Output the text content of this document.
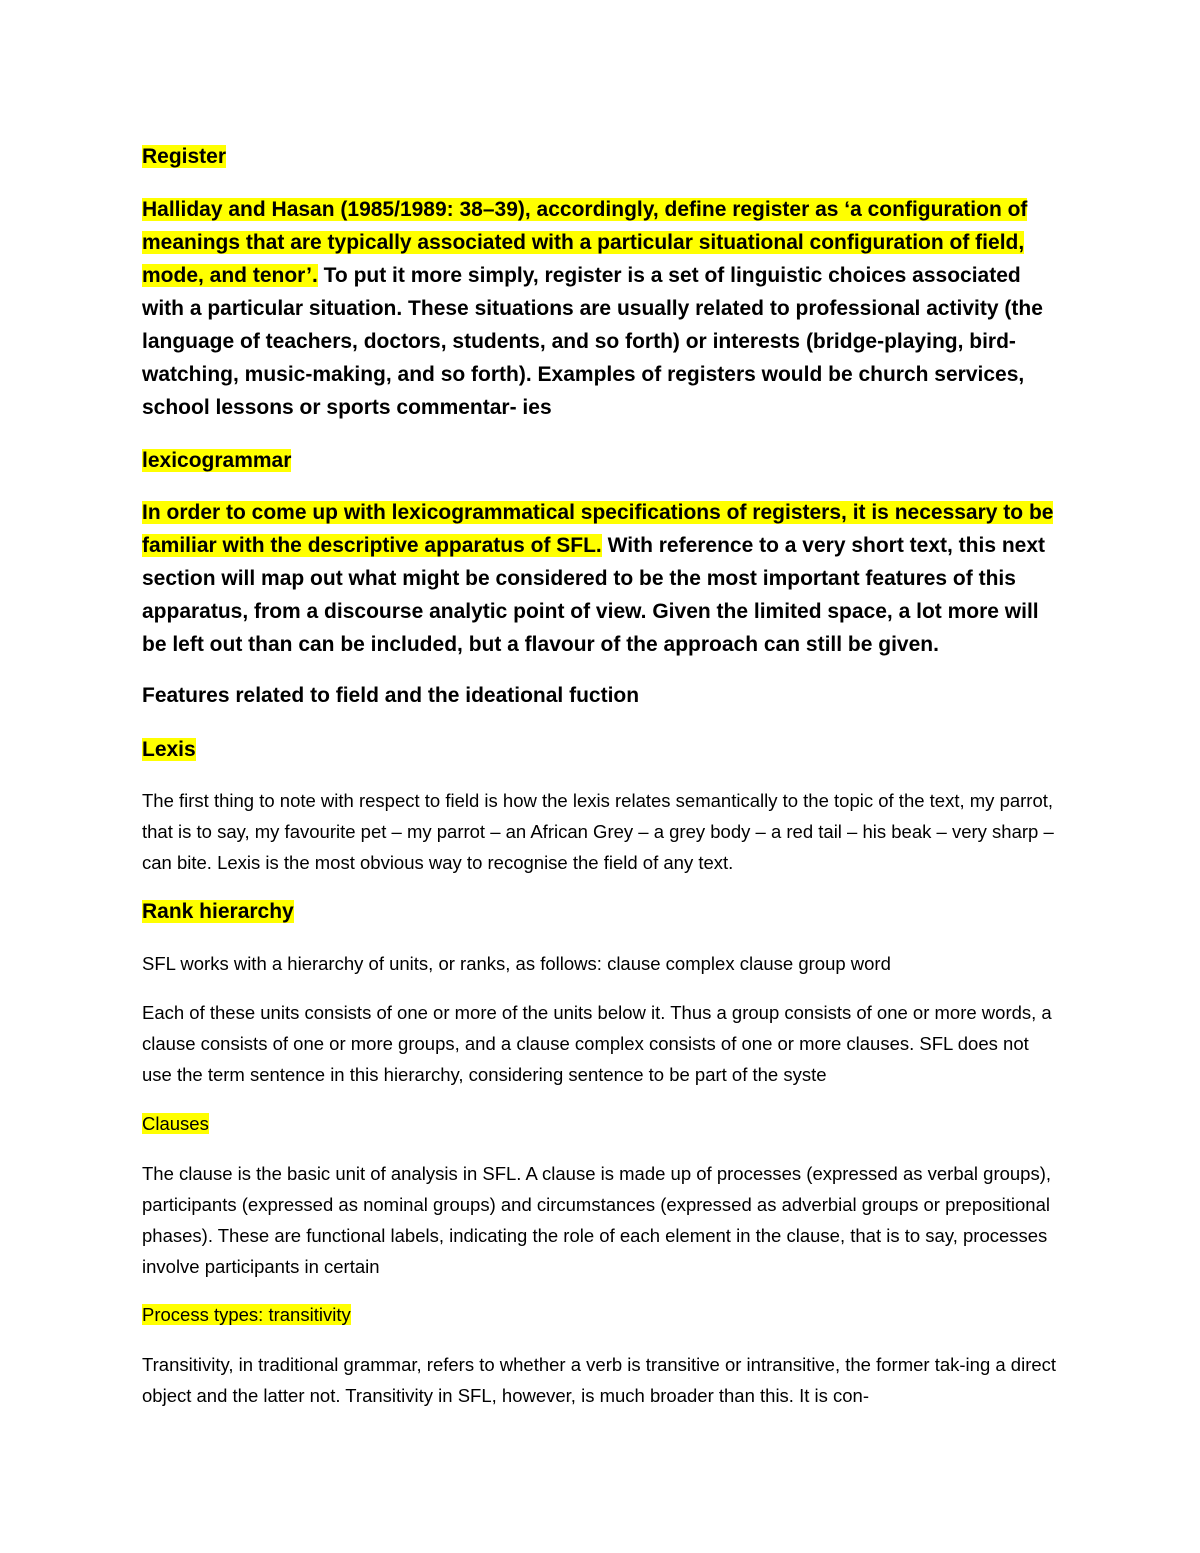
Register

Halliday and Hasan (1985/1989: 38–39), accordingly, define register as ‘a configuration of meanings that are typically associated with a particular situational configuration of field, mode, and tenor’. To put it more simply, register is a set of linguistic choices associated with a particular situation. These situations are usually related to professional activity (the language of teachers, doctors, students, and so forth) or interests (bridge-playing, bird-watching, music-making, and so forth). Examples of registers would be church services, school lessons or sports commentar- ies

lexicogrammar

In order to come up with lexicogrammatical specifications of registers, it is necessary to be familiar with the descriptive apparatus of SFL. With reference to a very short text, this next section will map out what might be considered to be the most important features of this apparatus, from a discourse analytic point of view. Given the limited space, a lot more will be left out than can be included, but a flavour of the approach can still be given.

Features related to field and the ideational fuction

Lexis

The first thing to note with respect to field is how the lexis relates semantically to the topic of the text, my parrot, that is to say, my favourite pet – my parrot – an African Grey – a grey body – a red tail – his beak – very sharp – can bite. Lexis is the most obvious way to recognise the field of any text.

Rank hierarchy

SFL works with a hierarchy of units, or ranks, as follows: clause complex clause group word

Each of these units consists of one or more of the units below it. Thus a group consists of one or more words, a clause consists of one or more groups, and a clause complex consists of one or more clauses. SFL does not use the term sentence in this hierarchy, considering sentence to be part of the syste

Clauses

The clause is the basic unit of analysis in SFL. A clause is made up of processes (expressed as verbal groups), participants (expressed as nominal groups) and circumstances (expressed as adverbial groups or prepositional phases). These are functional labels, indicating the role of each element in the clause, that is to say, processes involve participants in certain

Process types: transitivity

Transitivity, in traditional grammar, refers to whether a verb is transitive or intransitive, the former tak-ing a direct object and the latter not. Transitivity in SFL, however, is much broader than this. It is con-
